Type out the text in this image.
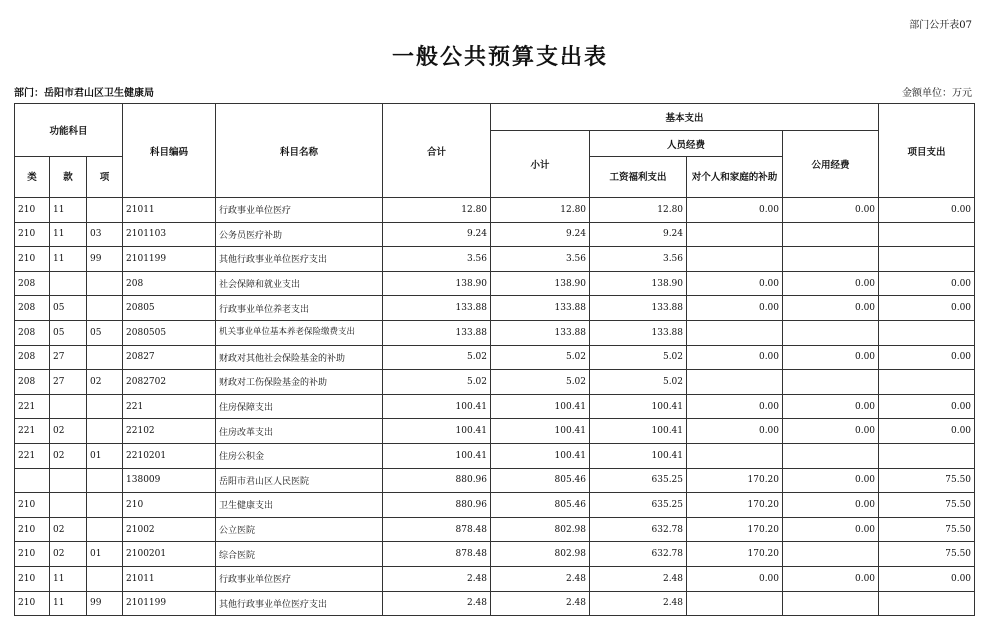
部门公开表07
一般公共预算支出表
部门：岳阳市君山区卫生健康局	金额单位：万元
功能科目			科目编码	科目名称	合计	基本支出				项目支出
						小计	人员经费		公用经费	
类	款	项					工资福利支出	对个人和家庭的补助		
210	11		21011	行政事业单位医疗	12.80	12.80	12.80	0.00	0.00	0.00
210	11	03	2101103	公务员医疗补助	9.24	9.24	9.24			
210	11	99	2101199	其他行政事业单位医疗支出	3.56	3.56	3.56			
208			208	社会保障和就业支出	138.90	138.90	138.90	0.00	0.00	0.00
208	05		20805	行政事业单位养老支出	133.88	133.88	133.88	0.00	0.00	0.00
208	05	05	2080505	机关事业单位基本养老保险缴费支出	133.88	133.88	133.88			
208	27		20827	财政对其他社会保险基金的补助	5.02	5.02	5.02	0.00	0.00	0.00
208	27	02	2082702	财政对工伤保险基金的补助	5.02	5.02	5.02			
221			221	住房保障支出	100.41	100.41	100.41	0.00	0.00	0.00
221	02		22102	住房改革支出	100.41	100.41	100.41	0.00	0.00	0.00
221	02	01	2210201	住房公积金	100.41	100.41	100.41			
			138009	岳阳市君山区人民医院	880.96	805.46	635.25	170.20	0.00	75.50
210			210	卫生健康支出	880.96	805.46	635.25	170.20	0.00	75.50
210	02		21002	公立医院	878.48	802.98	632.78	170.20	0.00	75.50
210	02	01	2100201	综合医院	878.48	802.98	632.78	170.20		75.50
210	11		21011	行政事业单位医疗	2.48	2.48	2.48	0.00	0.00	0.00
210	11	99	2101199	其他行政事业单位医疗支出	2.48	2.48	2.48			
